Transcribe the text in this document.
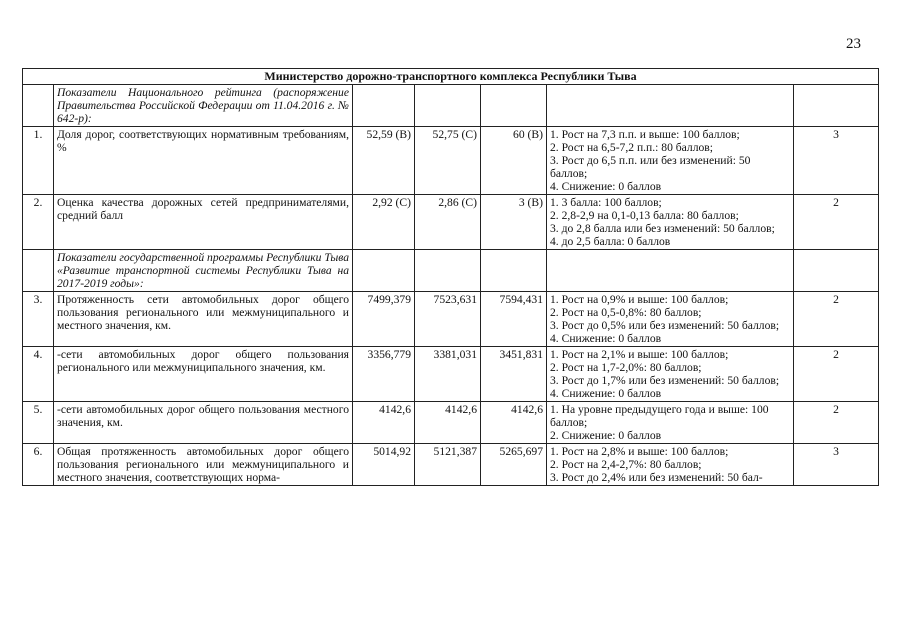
23
Министерство дорожно-транспортного комплекса Республики Тыва						
	Показатели Национального рейтинга (распоряжение Правительства Российской Федерации от 11.04.2016 г. № 642-р):					
1.	Доля дорог, соответствующих нормативным требованиям, %	52,59 (В)	52,75 (С)	60 (В)	1. Рост на 7,3 п.п. и выше: 100 баллов;
2. Рост на 6,5-7,2 п.п.: 80 баллов;
3. Рост до 6,5 п.п. или без изменений: 50 баллов;
4. Снижение: 0 баллов	3
2.	Оценка качества дорожных сетей предпринимателями, средний балл	2,92 (С)	2,86 (С)	3 (В)	1. 3 балла: 100 баллов;
2. 2,8-2,9 на 0,1-0,13 балла: 80 баллов;
3. до 2,8 балла или без изменений: 50 баллов;
4. до 2,5 балла: 0 баллов	2
	Показатели государственной программы Республики Тыва «Развитие транспортной системы Республики Тыва на 2017-2019 годы»:					
3.	Протяженность сети автомобильных дорог общего пользования регионального или межмуниципального и местного значения, км.	7499,379	7523,631	7594,431	1. Рост на 0,9% и выше: 100 баллов;
2. Рост на 0,5-0,8%: 80 баллов;
3. Рост до 0,5% или без изменений: 50 баллов;
4. Снижение: 0 баллов	2
4.	-сети автомобильных дорог общего пользования регионального или межмуниципального значения, км.	3356,779	3381,031	3451,831	1. Рост на 2,1% и выше: 100 баллов;
2. Рост на 1,7-2,0%: 80 баллов;
3. Рост до 1,7% или без изменений: 50 баллов;
4. Снижение: 0 баллов	2
5.	-сети автомобильных дорог общего пользования местного значения, км.	4142,6	4142,6	4142,6	1. На уровне предыдущего года и выше: 100 баллов;
2. Снижение: 0 баллов	2
6.	Общая протяженность автомобильных дорог общего пользования регионального или межмуниципального и местного значения, соответствующих норма-	5014,92	5121,387	5265,697	1. Рост на 2,8% и выше: 100 баллов;
2. Рост на 2,4-2,7%: 80 баллов;
3. Рост до 2,4% или без изменений: 50 бал-	3
